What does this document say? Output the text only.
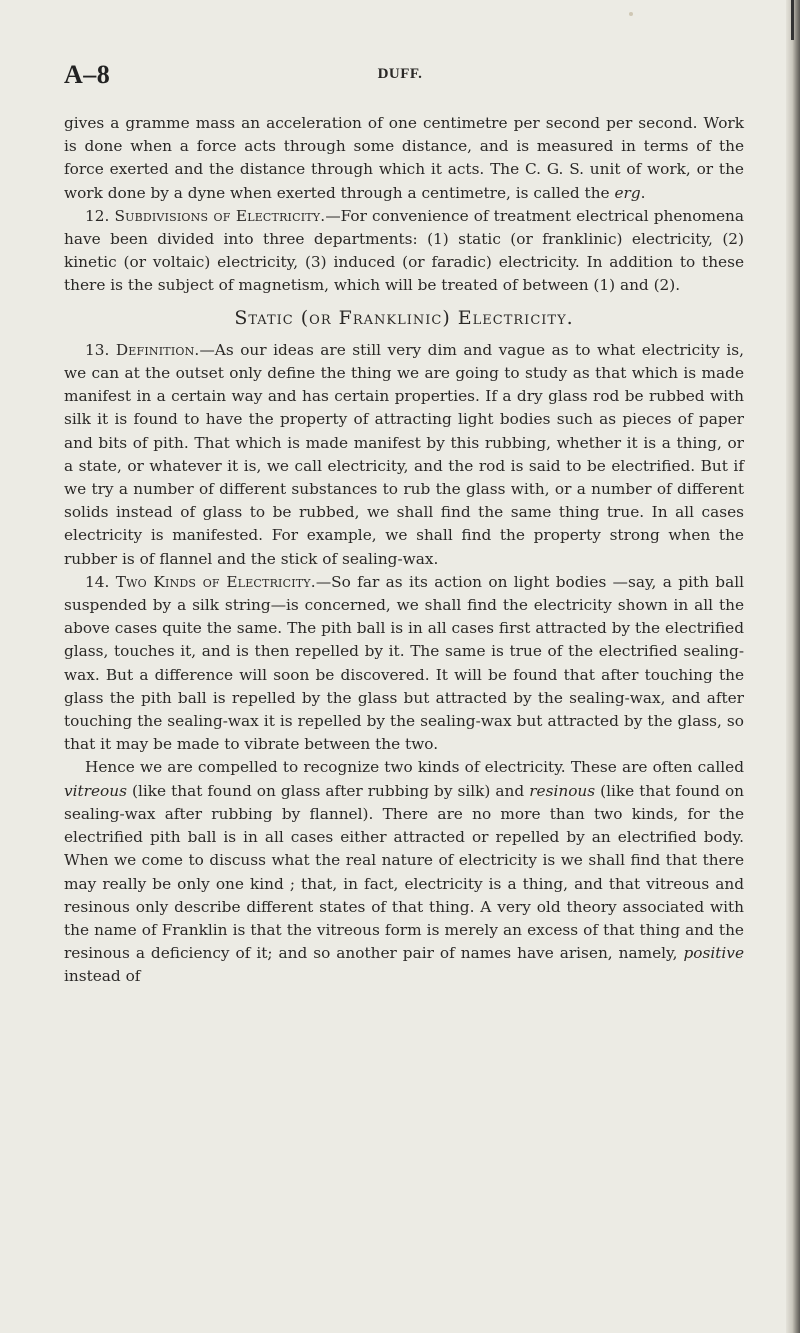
A–8	DUFF.

gives a gramme mass an acceleration of one centimetre per second per second. Work is done when a force acts through some distance, and is measured in terms of the force exerted and the distance through which it acts. The C. G. S. unit of work, or the work done by a dyne when exerted through a centimetre, is called the erg.

12. Subdivisions of Electricity.—For convenience of treatment electrical phenomena have been divided into three departments: (1) static (or franklinic) electricity, (2) kinetic (or voltaic) electricity, (3) induced (or faradic) electricity. In addition to these there is the subject of magnetism, which will be treated of between (1) and (2).

Static (or Franklinic) Electricity.

13. Definition.—As our ideas are still very dim and vague as to what electricity is, we can at the outset only define the thing we are going to study as that which is made manifest in a certain way and has certain properties. If a dry glass rod be rubbed with silk it is found to have the property of attracting light bodies such as pieces of paper and bits of pith. That which is made manifest by this rubbing, whether it is a thing, or a state, or whatever it is, we call electricity, and the rod is said to be electrified. But if we try a number of different substances to rub the glass with, or a number of different solids instead of glass to be rubbed, we shall find the same thing true. In all cases electricity is manifested. For example, we shall find the property strong when the rubber is of flannel and the stick of sealing-wax.

14. Two Kinds of Electricity.—So far as its action on light bodies —say, a pith ball suspended by a silk string—is concerned, we shall find the electricity shown in all the above cases quite the same. The pith ball is in all cases first attracted by the electrified glass, touches it, and is then repelled by it. The same is true of the electrified sealing-wax. But a difference will soon be discovered. It will be found that after touching the glass the pith ball is repelled by the glass but attracted by the sealing-wax, and after touching the sealing-wax it is repelled by the sealing-wax but attracted by the glass, so that it may be made to vibrate between the two.

Hence we are compelled to recognize two kinds of electricity. These are often called vitreous (like that found on glass after rubbing by silk) and resinous (like that found on sealing-wax after rubbing by flannel). There are no more than two kinds, for the electrified pith ball is in all cases either attracted or repelled by an electrified body. When we come to discuss what the real nature of electricity is we shall find that there may really be only one kind ; that, in fact, electricity is a thing, and that vitreous and resinous only describe different states of that thing. A very old theory associated with the name of Franklin is that the vitreous form is merely an excess of that thing and the resinous a deficiency of it; and so another pair of names have arisen, namely, positive instead of
